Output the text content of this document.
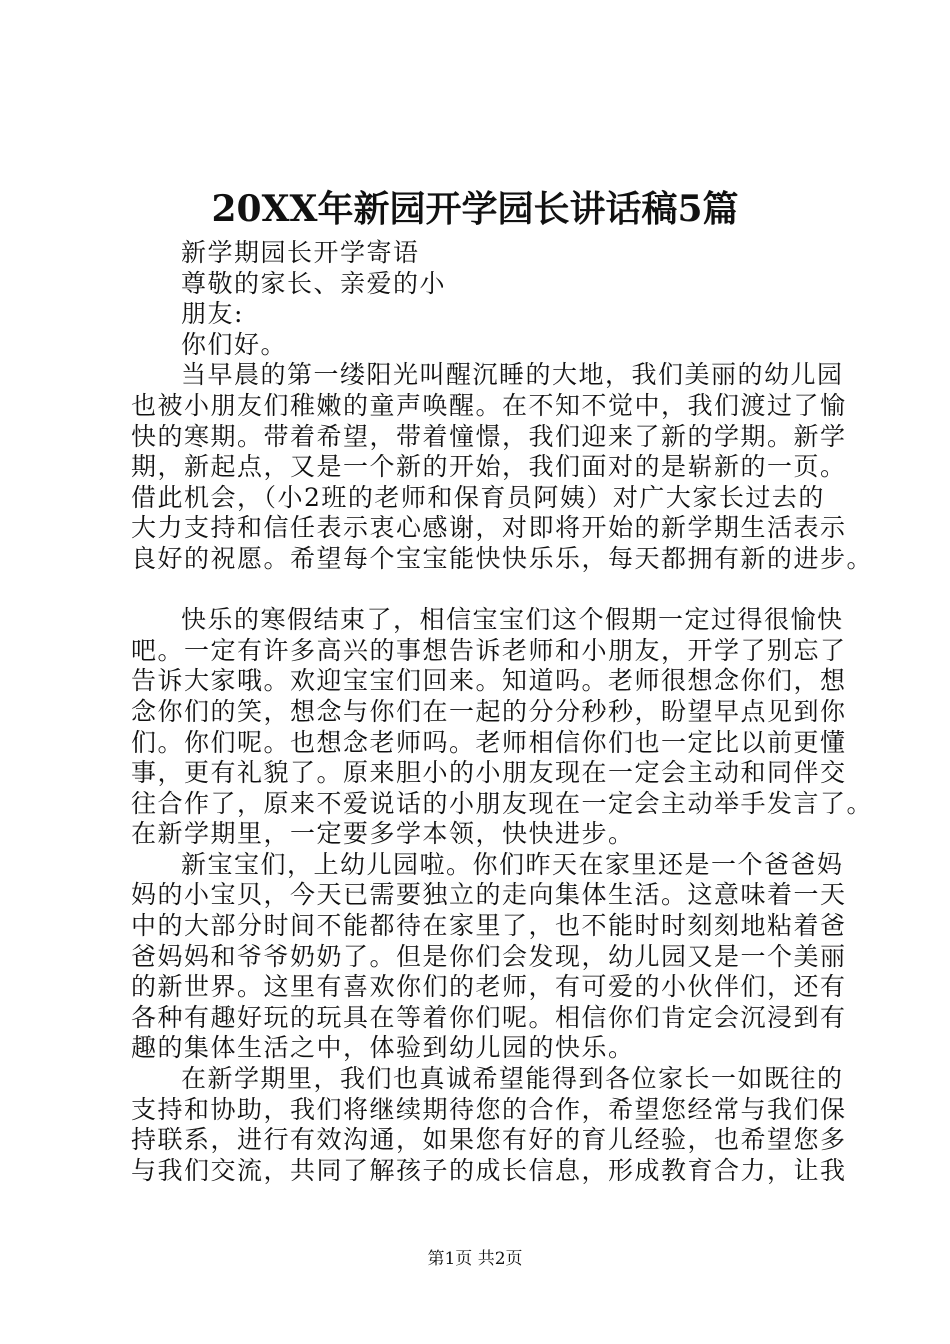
20XX年新园开学园长讲话稿5篇
新学期园长开学寄语
尊敬的家长、亲爱的小
朋友:
你们好。
当早晨的第一缕阳光叫醒沉睡的大地，我们美丽的幼儿园
也被小朋友们稚嫩的童声唤醒。在不知不觉中，我们渡过了愉
快的寒期。带着希望，带着憧憬，我们迎来了新的学期。新学
期，新起点，又是一个新的开始，我们面对的是崭新的一页。
借此机会，（小2班的老师和保育员阿姨）对广大家长过去的
大力支持和信任表示衷心感谢，对即将开始的新学期生活表示
良好的祝愿。希望每个宝宝能快快乐乐，每天都拥有新的进步。
快乐的寒假结束了，相信宝宝们这个假期一定过得很愉快
吧。一定有许多高兴的事想告诉老师和小朋友，开学了别忘了
告诉大家哦。欢迎宝宝们回来。知道吗。老师很想念你们，想
念你们的笑，想念与你们在一起的分分秒秒，盼望早点见到你
们。你们呢。也想念老师吗。老师相信你们也一定比以前更懂
事，更有礼貌了。原来胆小的小朋友现在一定会主动和同伴交
往合作了，原来不爱说话的小朋友现在一定会主动举手发言了。
在新学期里，一定要多学本领，快快进步。
新宝宝们，上幼儿园啦。你们昨天在家里还是一个爸爸妈
妈的小宝贝，今天已需要独立的走向集体生活。这意味着一天
中的大部分时间不能都待在家里了，也不能时时刻刻地粘着爸
爸妈妈和爷爷奶奶了。但是你们会发现，幼儿园又是一个美丽
的新世界。这里有喜欢你们的老师，有可爱的小伙伴们，还有
各种有趣好玩的玩具在等着你们呢。相信你们肯定会沉浸到有
趣的集体生活之中，体验到幼儿园的快乐。
在新学期里，我们也真诚希望能得到各位家长一如既往的
支持和协助，我们将继续期待您的合作，希望您经常与我们保
持联系，进行有效沟通，如果您有好的育儿经验，也希望您多
与我们交流，共同了解孩子的成长信息，形成教育合力，让我
第1页 共2页
